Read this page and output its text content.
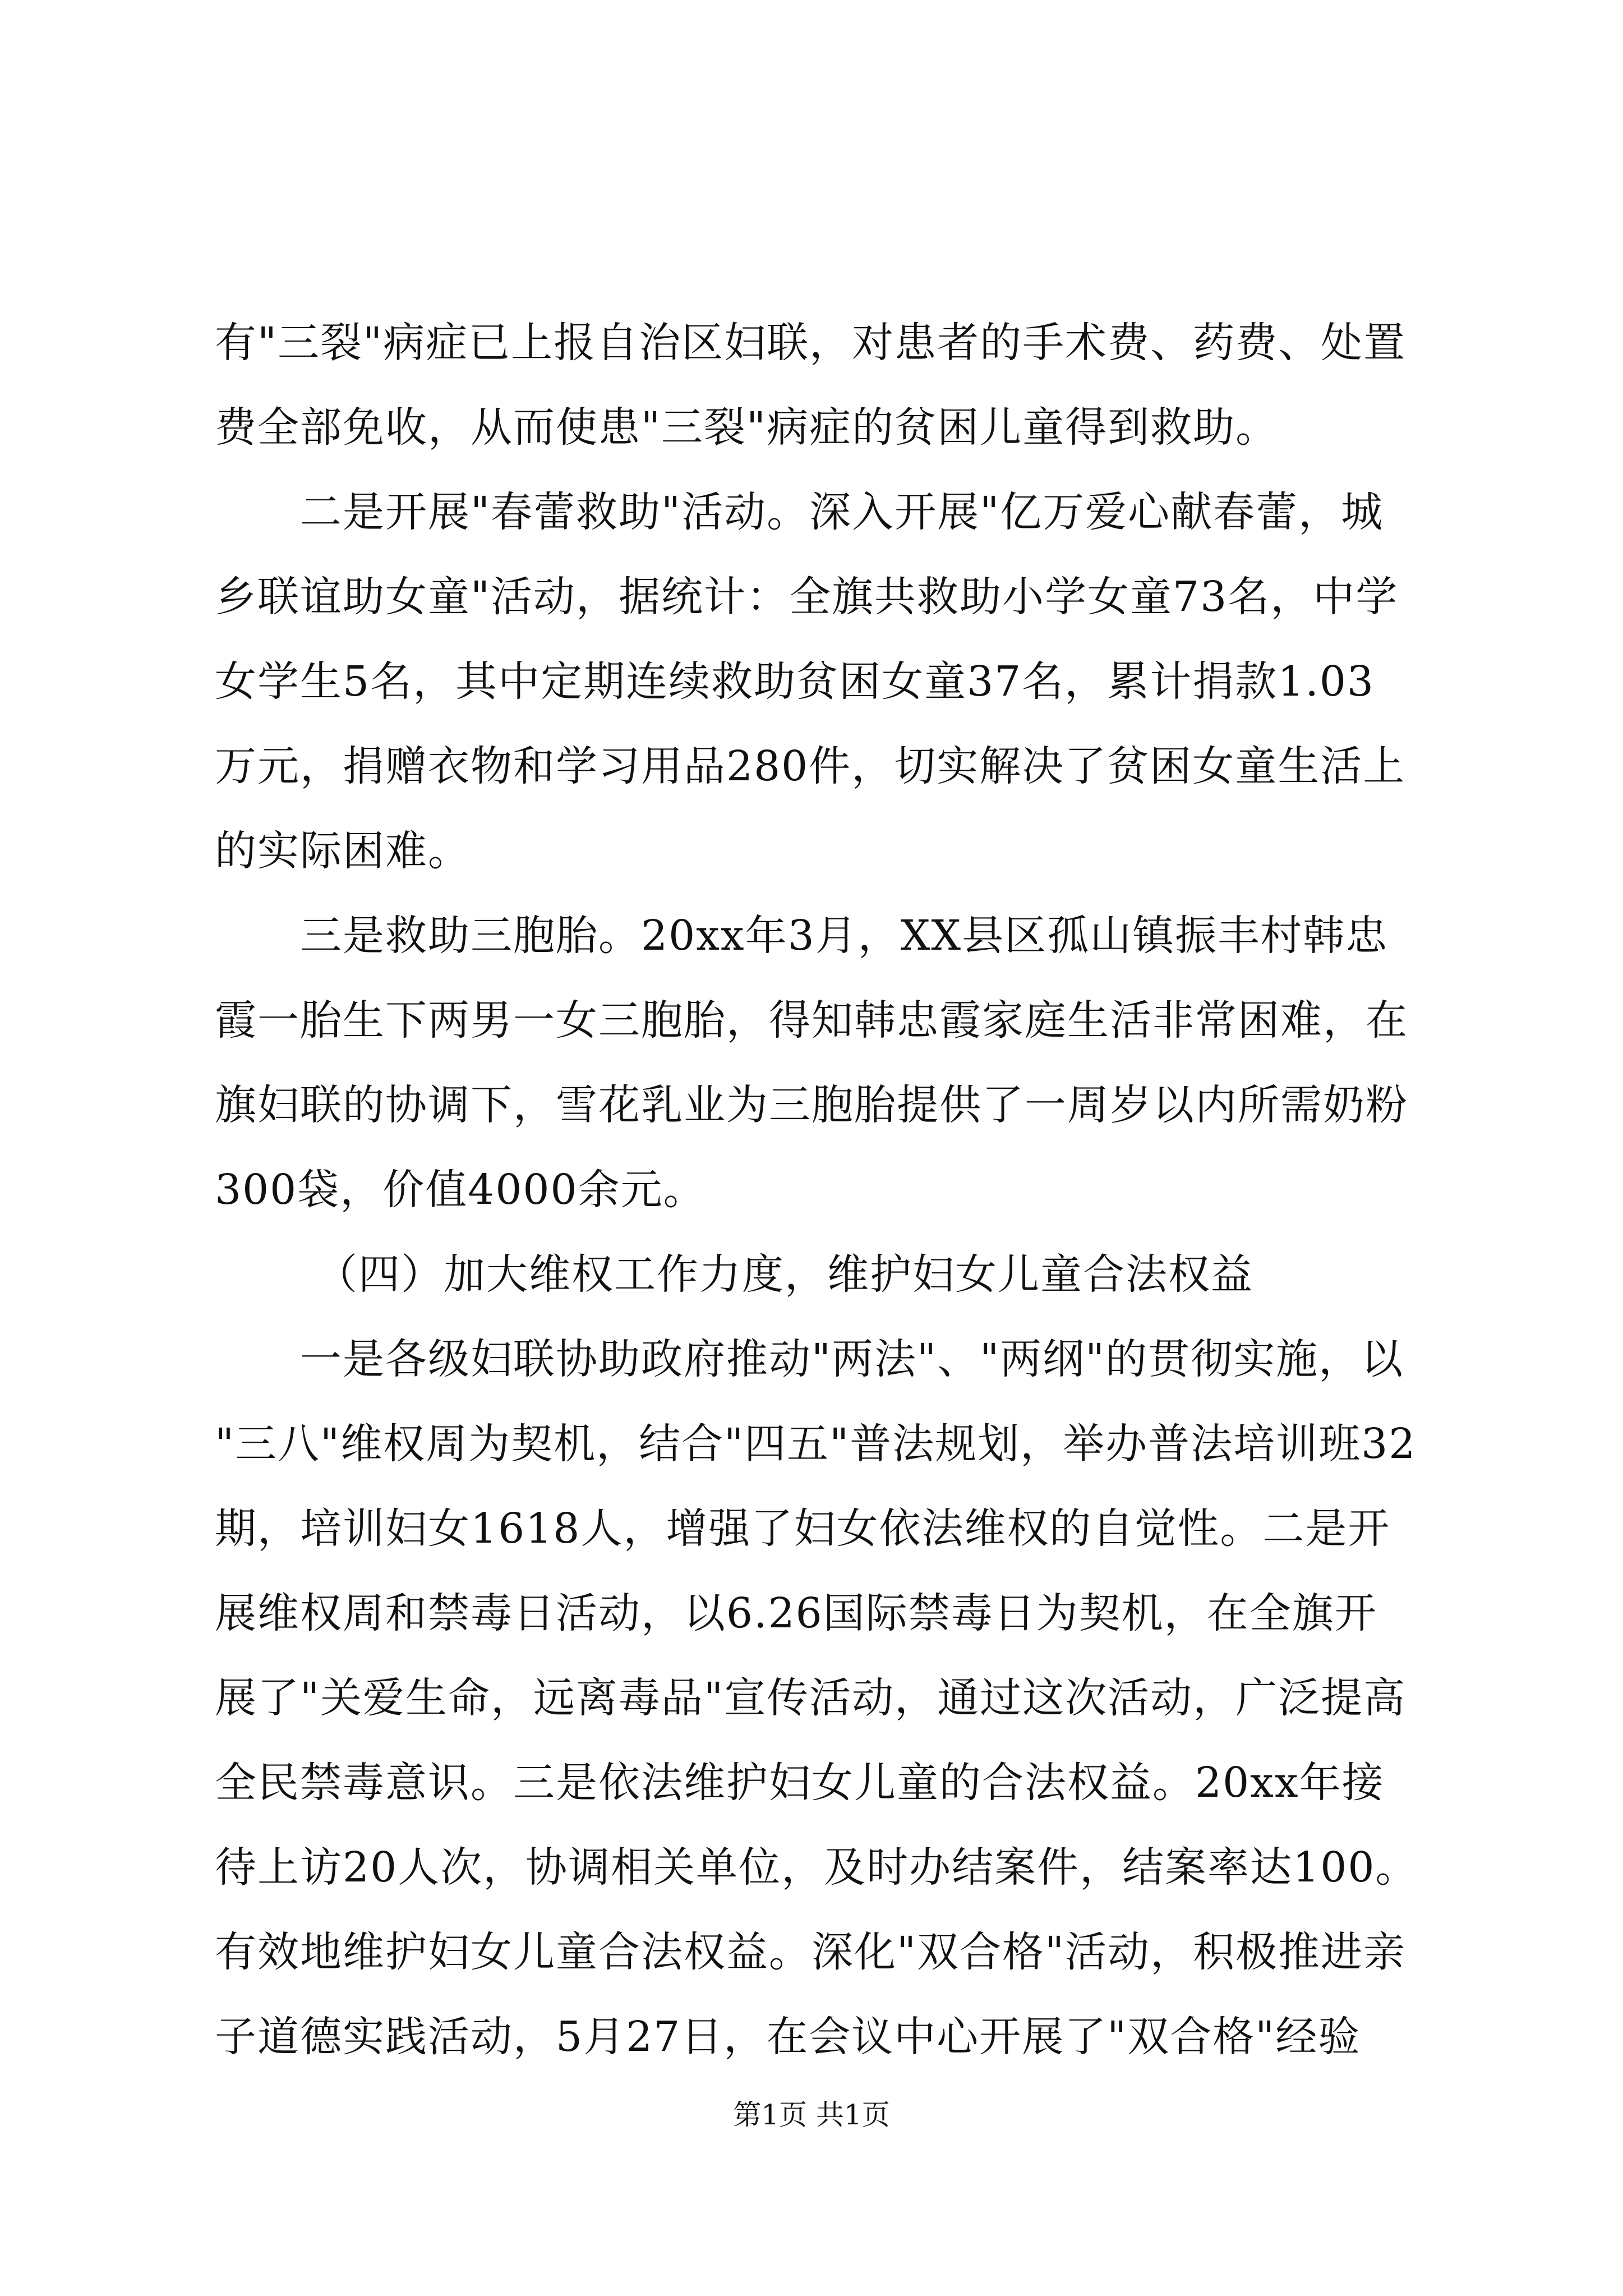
有"三裂"病症已上报自治区妇联，对患者的手术费、药费、处置
费全部免收，从而使患"三裂"病症的贫困儿童得到救助。
　　二是开展"春蕾救助"活动。深入开展"亿万爱心献春蕾，城
乡联谊助女童"活动，据统计：全旗共救助小学女童73名，中学
女学生5名，其中定期连续救助贫困女童37名，累计捐款1.03
万元，捐赠衣物和学习用品280件，切实解决了贫困女童生活上
的实际困难。
　　三是救助三胞胎。20xx年3月，XX县区孤山镇振丰村韩忠
霞一胎生下两男一女三胞胎，得知韩忠霞家庭生活非常困难，在
旗妇联的协调下，雪花乳业为三胞胎提供了一周岁以内所需奶粉
300袋，价值4000余元。
（四）加大维权工作力度，维护妇女儿童合法权益
　　一是各级妇联协助政府推动"两法"、"两纲"的贯彻实施，以
"三八"维权周为契机，结合"四五"普法规划，举办普法培训班32
期，培训妇女1618人，增强了妇女依法维权的自觉性。二是开
展维权周和禁毒日活动，以6.26国际禁毒日为契机，在全旗开
展了"关爱生命，远离毒品"宣传活动，通过这次活动，广泛提高
全民禁毒意识。三是依法维护妇女儿童的合法权益。20xx年接
待上访20人次，协调相关单位，及时办结案件，结案率达100。
有效地维护妇女儿童合法权益。深化"双合格"活动，积极推进亲
子道德实践活动，5月27日，在会议中心开展了"双合格"经验
第1页 共1页
